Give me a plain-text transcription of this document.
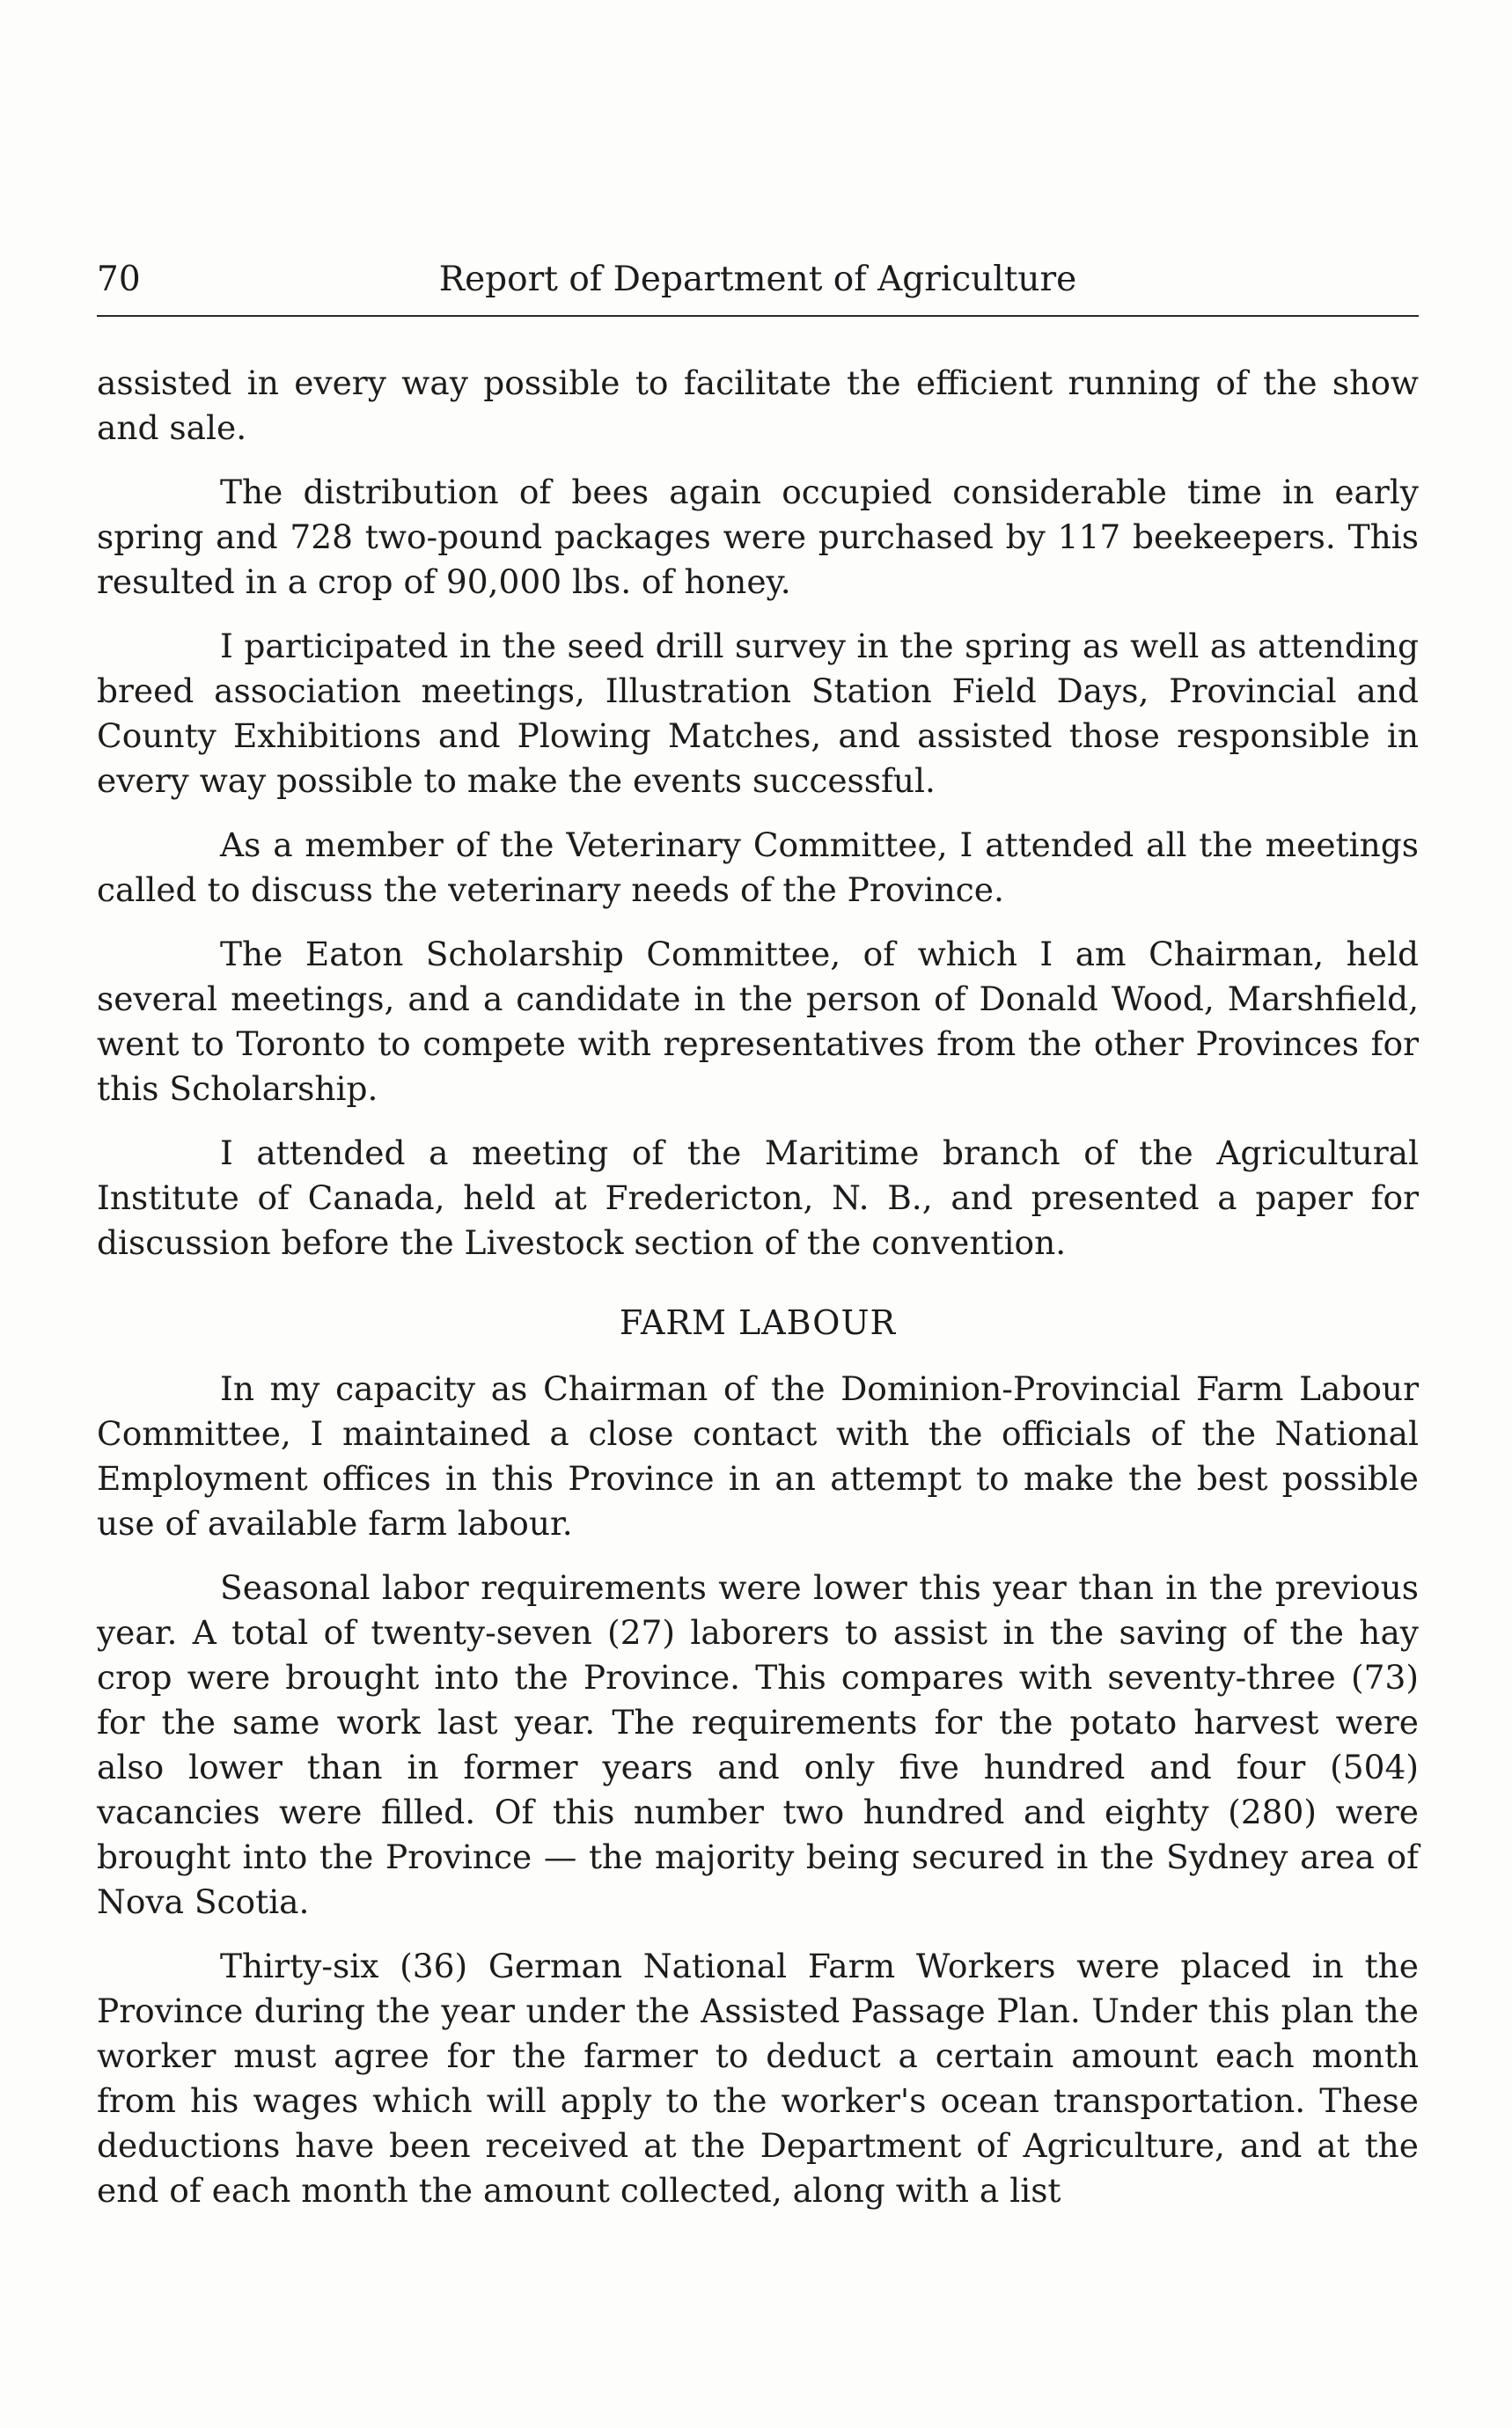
70	Report of Department of Agriculture

assisted in every way possible to facilitate the efficient running of the show and sale.

The distribution of bees again occupied considerable time in early spring and 728 two-pound packages were purchased by 117 beekeepers. This resulted in a crop of 90,000 lbs. of honey.

I participated in the seed drill survey in the spring as well as attending breed association meetings, Illustration Station Field Days, Provincial and County Exhibitions and Plowing Matches, and assisted those responsible in every way possible to make the events successful.

As a member of the Veterinary Committee, I attended all the meetings called to discuss the veterinary needs of the Province.

The Eaton Scholarship Committee, of which I am Chairman, held several meetings, and a candidate in the person of Donald Wood, Marshfield, went to Toronto to compete with representatives from the other Provinces for this Scholarship.

I attended a meeting of the Maritime branch of the Agricultural Institute of Canada, held at Fredericton, N. B., and presented a paper for discussion before the Livestock section of the convention.

FARM LABOUR

In my capacity as Chairman of the Dominion-Provincial Farm Labour Committee, I maintained a close contact with the officials of the National Employment offices in this Province in an attempt to make the best possible use of available farm labour.

Seasonal labor requirements were lower this year than in the previous year. A total of twenty-seven (27) laborers to assist in the saving of the hay crop were brought into the Province. This compares with seventy-three (73) for the same work last year. The requirements for the potato harvest were also lower than in former years and only five hundred and four (504) vacancies were filled. Of this number two hundred and eighty (280) were brought into the Province — the majority being secured in the Sydney area of Nova Scotia.

Thirty-six (36) German National Farm Workers were placed in the Province during the year under the Assisted Passage Plan. Under this plan the worker must agree for the farmer to deduct a certain amount each month from his wages which will apply to the worker's ocean transportation. These deductions have been received at the Department of Agriculture, and at the end of each month the amount collected, along with a list
